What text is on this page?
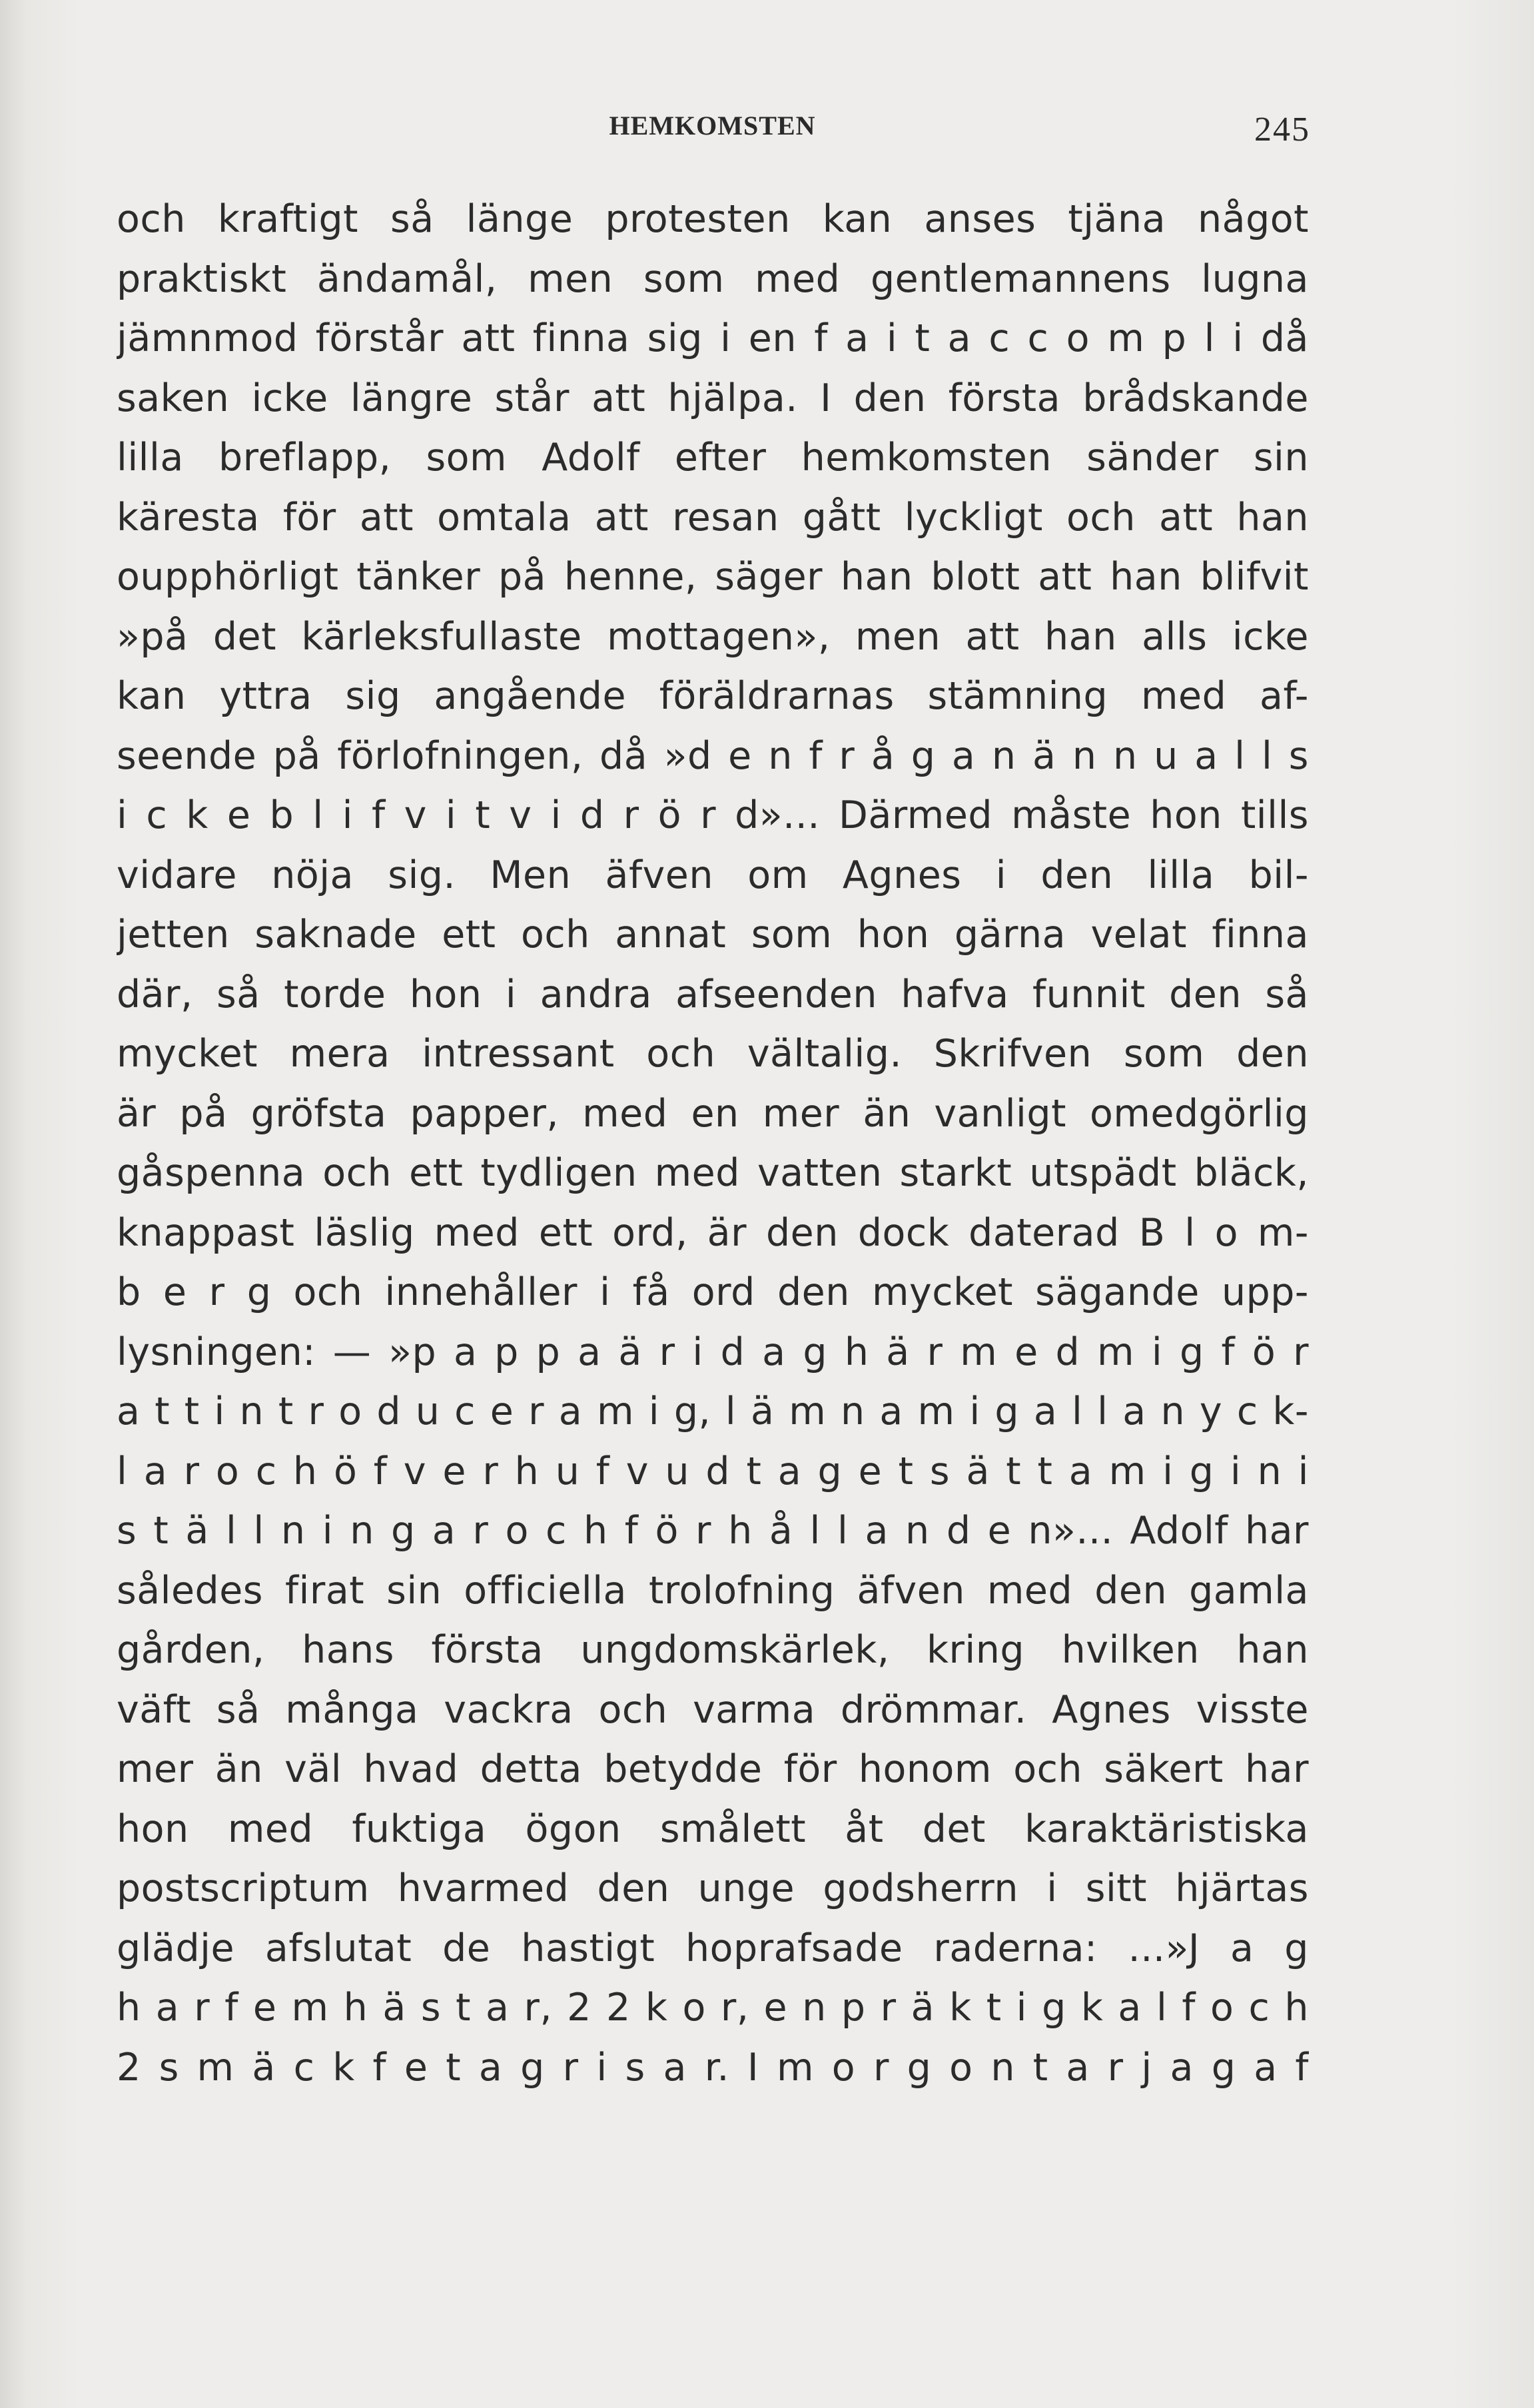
HEMKOMSTEN	245
och kraftigt så länge protesten kan anses tjäna något
praktiskt ändamål, men som med gentlemannens lugna
jämnmod förstår att finna sig i en f a i t a c c o m p l i då
saken icke längre står att hjälpa. I den första brådskande
lilla breflapp, som Adolf efter hemkomsten sänder sin
käresta för att omtala att resan gått lyckligt och att han
oupphörligt tänker på henne, säger han blott att han blifvit
»på det kärleksfullaste mottagen», men att han alls icke
kan yttra sig angående föräldrarnas stämning med af-
seende på förlofningen, då »d e n f r å g a n ä n n u a l l s
i c k e b l i f v i t v i d r ö r d»... Därmed måste hon tills
vidare nöja sig. Men äfven om Agnes i den lilla bil-
jetten saknade ett och annat som hon gärna velat finna
där, så torde hon i andra afseenden hafva funnit den så
mycket mera intressant och vältalig. Skrifven som den
är på gröfsta papper, med en mer än vanligt omedgörlig
gåspenna och ett tydligen med vatten starkt utspädt bläck,
knappast läslig med ett ord, är den dock daterad B l o m-
b e r g och innehåller i få ord den mycket sägande upp-
lysningen: — »p a p p a ä r i d a g h ä r m e d m i g f ö r
a t t i n t r o d u c e r a m i g, l ä m n a m i g a l l a n y c k-
l a r o c h ö f v e r h u f v u d t a g e t s ä t t a m i g i n i
s t ä l l n i n g a r o c h f ö r h å l l a n d e n»... Adolf har
således firat sin officiella trolofning äfven med den gamla
gården, hans första ungdomskärlek, kring hvilken han
väft så många vackra och varma drömmar. Agnes visste
mer än väl hvad detta betydde för honom och säkert har
hon med fuktiga ögon smålett åt det karaktäristiska
postscriptum hvarmed den unge godsherrn i sitt hjärtas
glädje afslutat de hastigt hoprafsade raderna: ...»J a g
h a r f e m h ä s t a r, 2 2 k o r, e n p r ä k t i g k a l f o c h
2 s m ä c k f e t a g r i s a r. I m o r g o n t a r j a g a f
